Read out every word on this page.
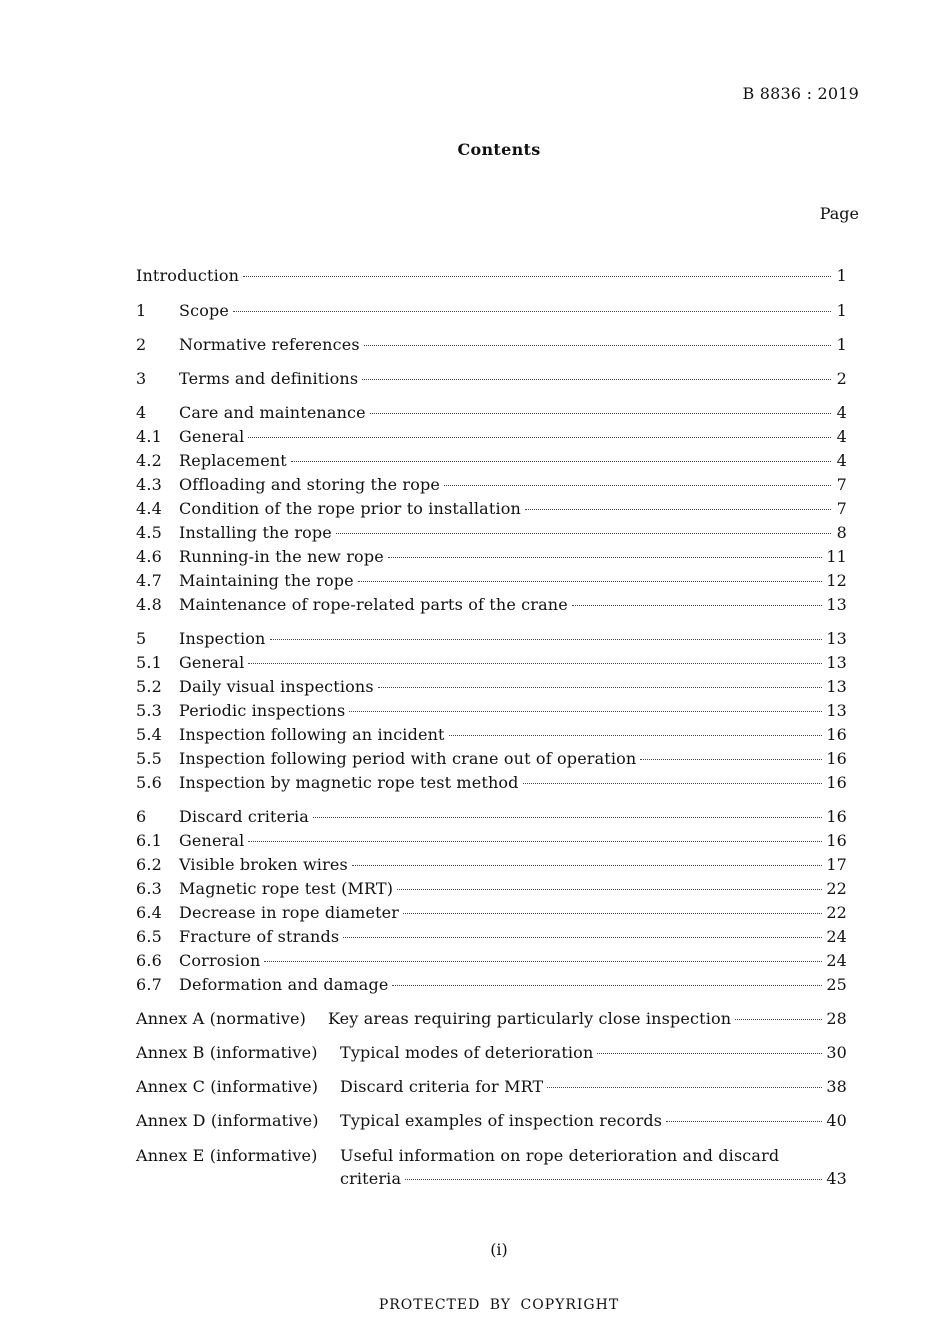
B 8836 : 2019
Contents
Page
Introduction	1
1	Scope	1
2	Normative references	1
3	Terms and definitions	2
4	Care and maintenance	4
4.1	General	4
4.2	Replacement	4
4.3	Offloading and storing the rope	7
4.4	Condition of the rope prior to installation	7
4.5	Installing the rope	8
4.6	Running-in the new rope	11
4.7	Maintaining the rope	12
4.8	Maintenance of rope-related parts of the crane	13
5	Inspection	13
5.1	General	13
5.2	Daily visual inspections	13
5.3	Periodic inspections	13
5.4	Inspection following an incident	16
5.5	Inspection following period with crane out of operation	16
5.6	Inspection by magnetic rope test method	16
6	Discard criteria	16
6.1	General	16
6.2	Visible broken wires	17
6.3	Magnetic rope test (MRT)	22
6.4	Decrease in rope diameter	22
6.5	Fracture of strands	24
6.6	Corrosion	24
6.7	Deformation and damage	25
Annex A (normative)	Key areas requiring particularly close inspection	28
Annex B (informative)	Typical modes of deterioration	30
Annex C (informative)	Discard criteria for MRT	38
Annex D (informative)	Typical examples of inspection records	40
Annex E (informative)	Useful information on rope deterioration and discard
criteria	43
(i)
PROTECTED BY COPYRIGHT
